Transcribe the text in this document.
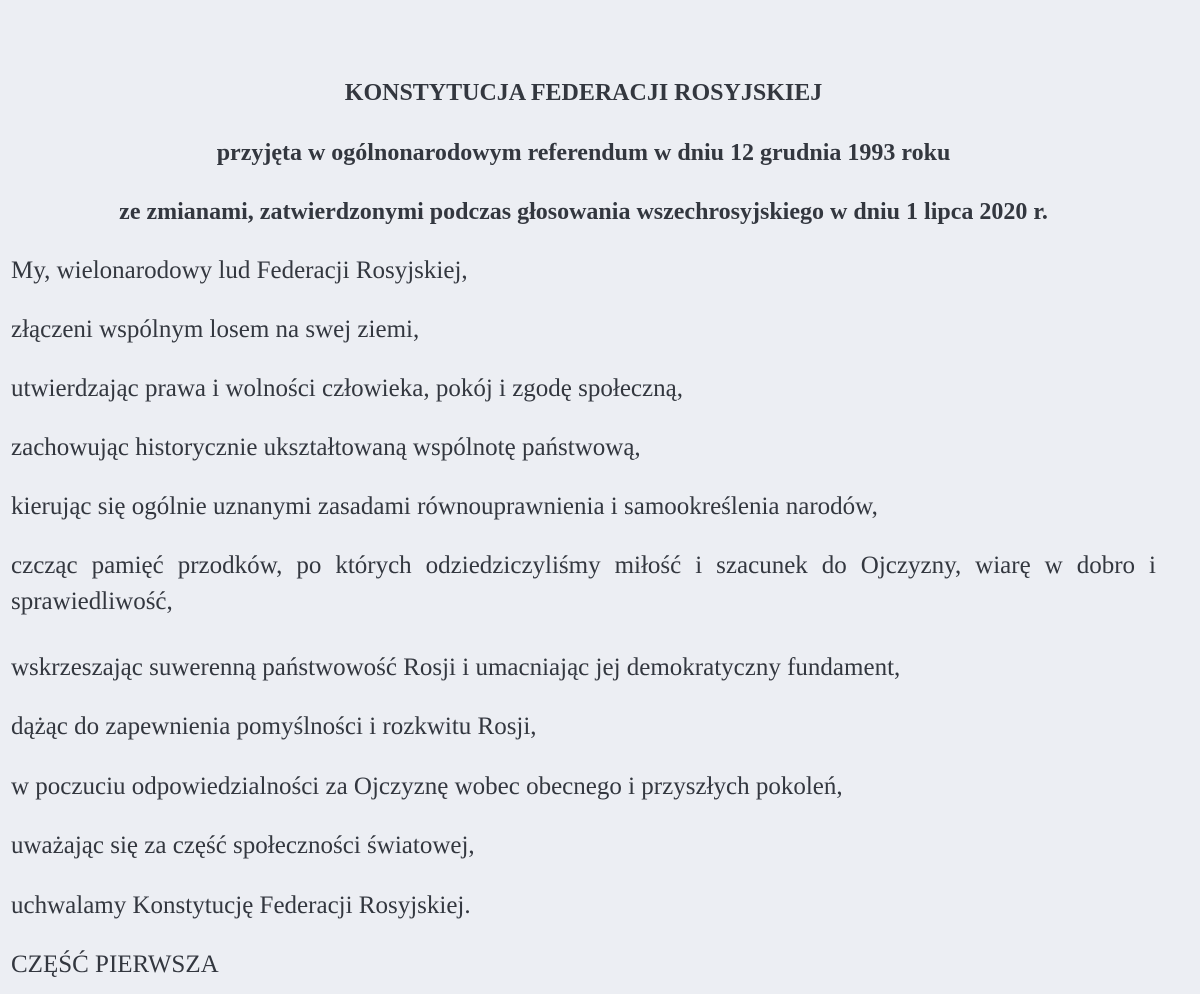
KONSTYTUCJA FEDERACJI ROSYJSKIEJ
przyjęta w ogólnonarodowym referendum w dniu 12 grudnia 1993 roku
ze zmianami, zatwierdzonymi podczas głosowania wszechrosyjskiego w dniu 1 lipca 2020 r.
My, wielonarodowy lud Federacji Rosyjskiej,
złączeni wspólnym losem na swej ziemi,
utwierdzając prawa i wolności człowieka, pokój i zgodę społeczną,
zachowując historycznie ukształtowaną wspólnotę państwową,
kierując się ogólnie uznanymi zasadami równouprawnienia i samookreślenia narodów,
czcząc pamięć przodków, po których odziedziczyliśmy miłość i szacunek do Ojczyzny, wiarę w dobro i sprawiedliwość,
wskrzeszając suwerenną państwowość Rosji i umacniając jej demokratyczny fundament,
dążąc do zapewnienia pomyślności i rozkwitu Rosji,
w poczuciu odpowiedzialności za Ojczyznę wobec obecnego i przyszłych pokoleń,
uważając się za część społeczności światowej,
uchwalamy Konstytucję Federacji Rosyjskiej.
CZĘŚĆ PIERWSZA
